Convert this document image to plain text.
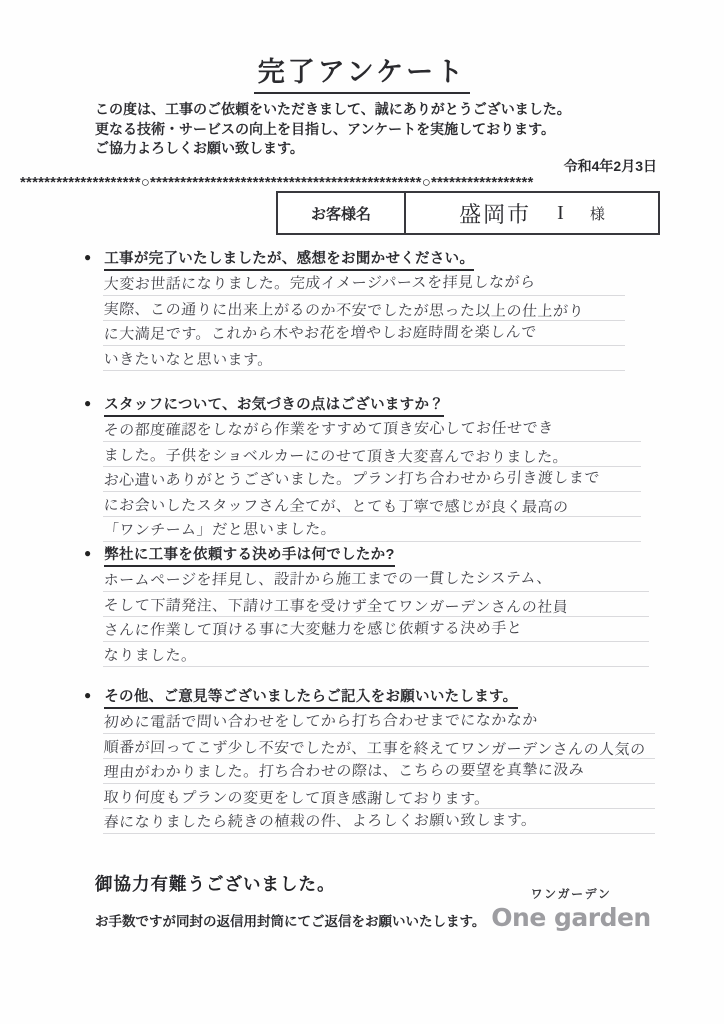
完了アンケート
この度は、工事のご依頼をいただきまして、誠にありがとうございました。
更なる技術・サービスの向上を目指し、アンケートを実施しております。
ご協力よろしくお願い致します。
令和4年2月3日
********************○*********************************************○*****************
お客様名	盛岡市 I 様
● 工事が完了いたしましたが、感想をお聞かせください。
大変お世話になりました。完成イメージパースを拝見しながら
実際、この通りに出来上がるのか不安でしたが思った以上の仕上がり
に大満足です。これから木やお花を増やしお庭時間を楽しんで
いきたいなと思います。
● スタッフについて、お気づきの点はございますか？
その都度確認をしながら作業をすすめて頂き安心してお任せでき
ました。子供をショベルカーにのせて頂き大変喜んでおりました。
お心遣いありがとうございました。プラン打ち合わせから引き渡しまで
にお会いしたスタッフさん全てが、とても丁寧で感じが良く最高の
「ワンチーム」だと思いました。
● 弊社に工事を依頼する決め手は何でしたか?
ホームページを拝見し、設計から施工までの一貫したシステム、
そして下請発注、下請け工事を受けず全てワンガーデンさんの社員
さんに作業して頂ける事に大変魅力を感じ依頼する決め手と
なりました。
● その他、ご意見等ございましたらご記入をお願いいたします。
初めに電話で問い合わせをしてから打ち合わせまでになかなか
順番が回ってこず少し不安でしたが、工事を終えてワンガーデンさんの人気の
理由がわかりました。打ち合わせの際は、こちらの要望を真摯に汲み
取り何度もプランの変更をして頂き感謝しております。
春になりましたら続きの植栽の件、よろしくお願い致します。
御協力有難うございました。
お手数ですが同封の返信用封筒にてご返信をお願いいたします。
ワンガーデン
One garden
